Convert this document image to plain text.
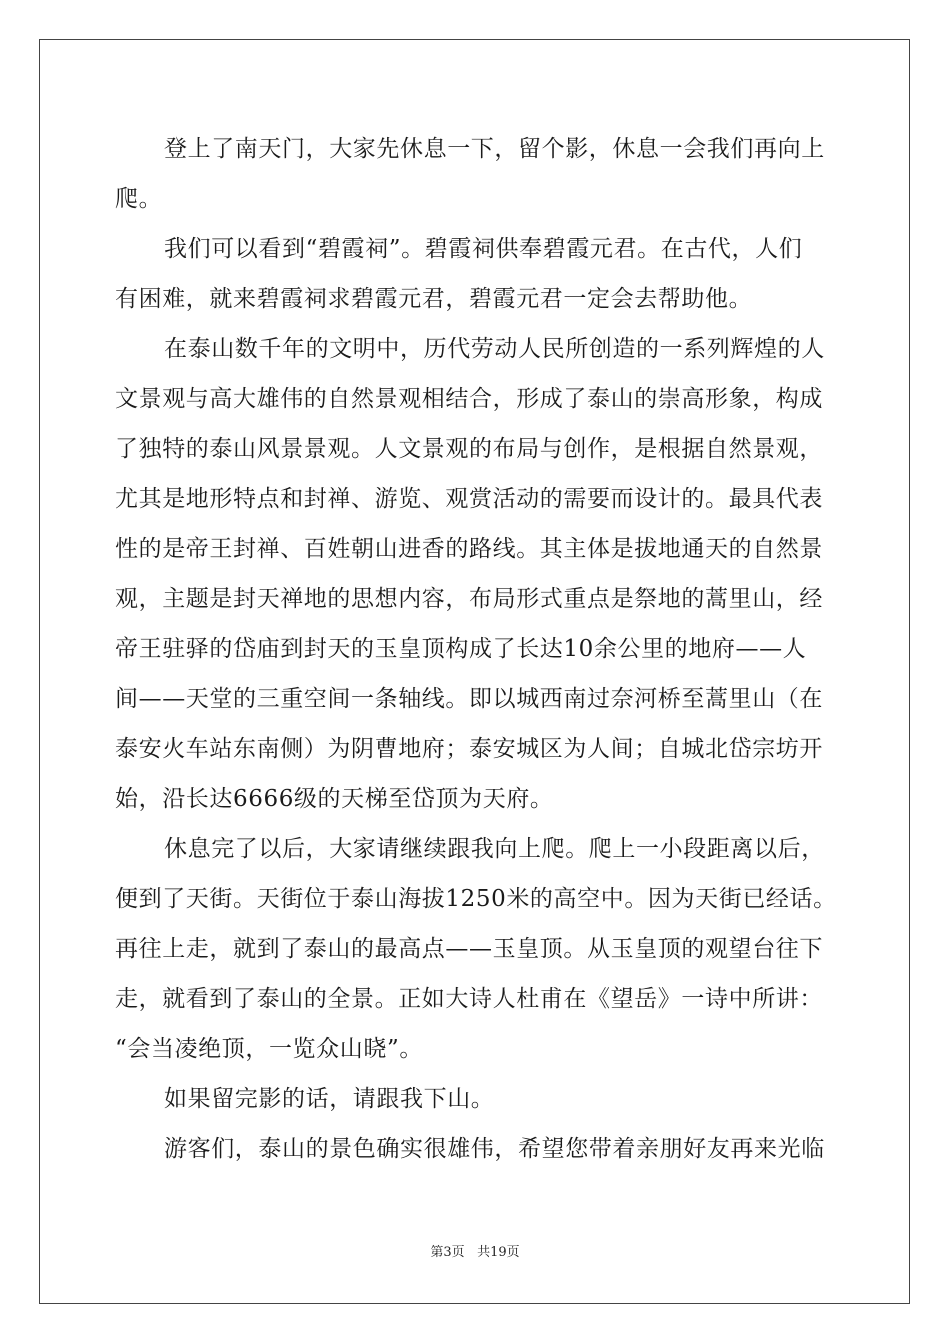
登上了南天门，大家先休息一下，留个影，休息一会我们再向上
爬。
我们可以看到“碧霞祠”。碧霞祠供奉碧霞元君。在古代，人们
有困难，就来碧霞祠求碧霞元君，碧霞元君一定会去帮助他。
在泰山数千年的文明中，历代劳动人民所创造的一系列辉煌的人
文景观与高大雄伟的自然景观相结合，形成了泰山的崇高形象，构成
了独特的泰山风景景观。人文景观的布局与创作，是根据自然景观，
尤其是地形特点和封禅、游览、观赏活动的需要而设计的。最具代表
性的是帝王封禅、百姓朝山进香的路线。其主体是拔地通天的自然景
观，主题是封天禅地的思想内容，布局形式重点是祭地的蒿里山，经
帝王驻驿的岱庙到封天的玉皇顶构成了长达10余公里的地府——人
间——天堂的三重空间一条轴线。即以城西南过奈河桥至蒿里山（在
泰安火车站东南侧）为阴曹地府；泰安城区为人间；自城北岱宗坊开
始，沿长达6666级的天梯至岱顶为天府。
休息完了以后，大家请继续跟我向上爬。爬上一小段距离以后，
便到了天街。天街位于泰山海拔1250米的高空中。因为天街已经话。
再往上走，就到了泰山的最高点——玉皇顶。从玉皇顶的观望台往下
走，就看到了泰山的全景。正如大诗人杜甫在《望岳》一诗中所讲：
“会当凌绝顶，一览众山晓”。
如果留完影的话，请跟我下山。
游客们，泰山的景色确实很雄伟，希望您带着亲朋好友再来光临
第3页 共19页
